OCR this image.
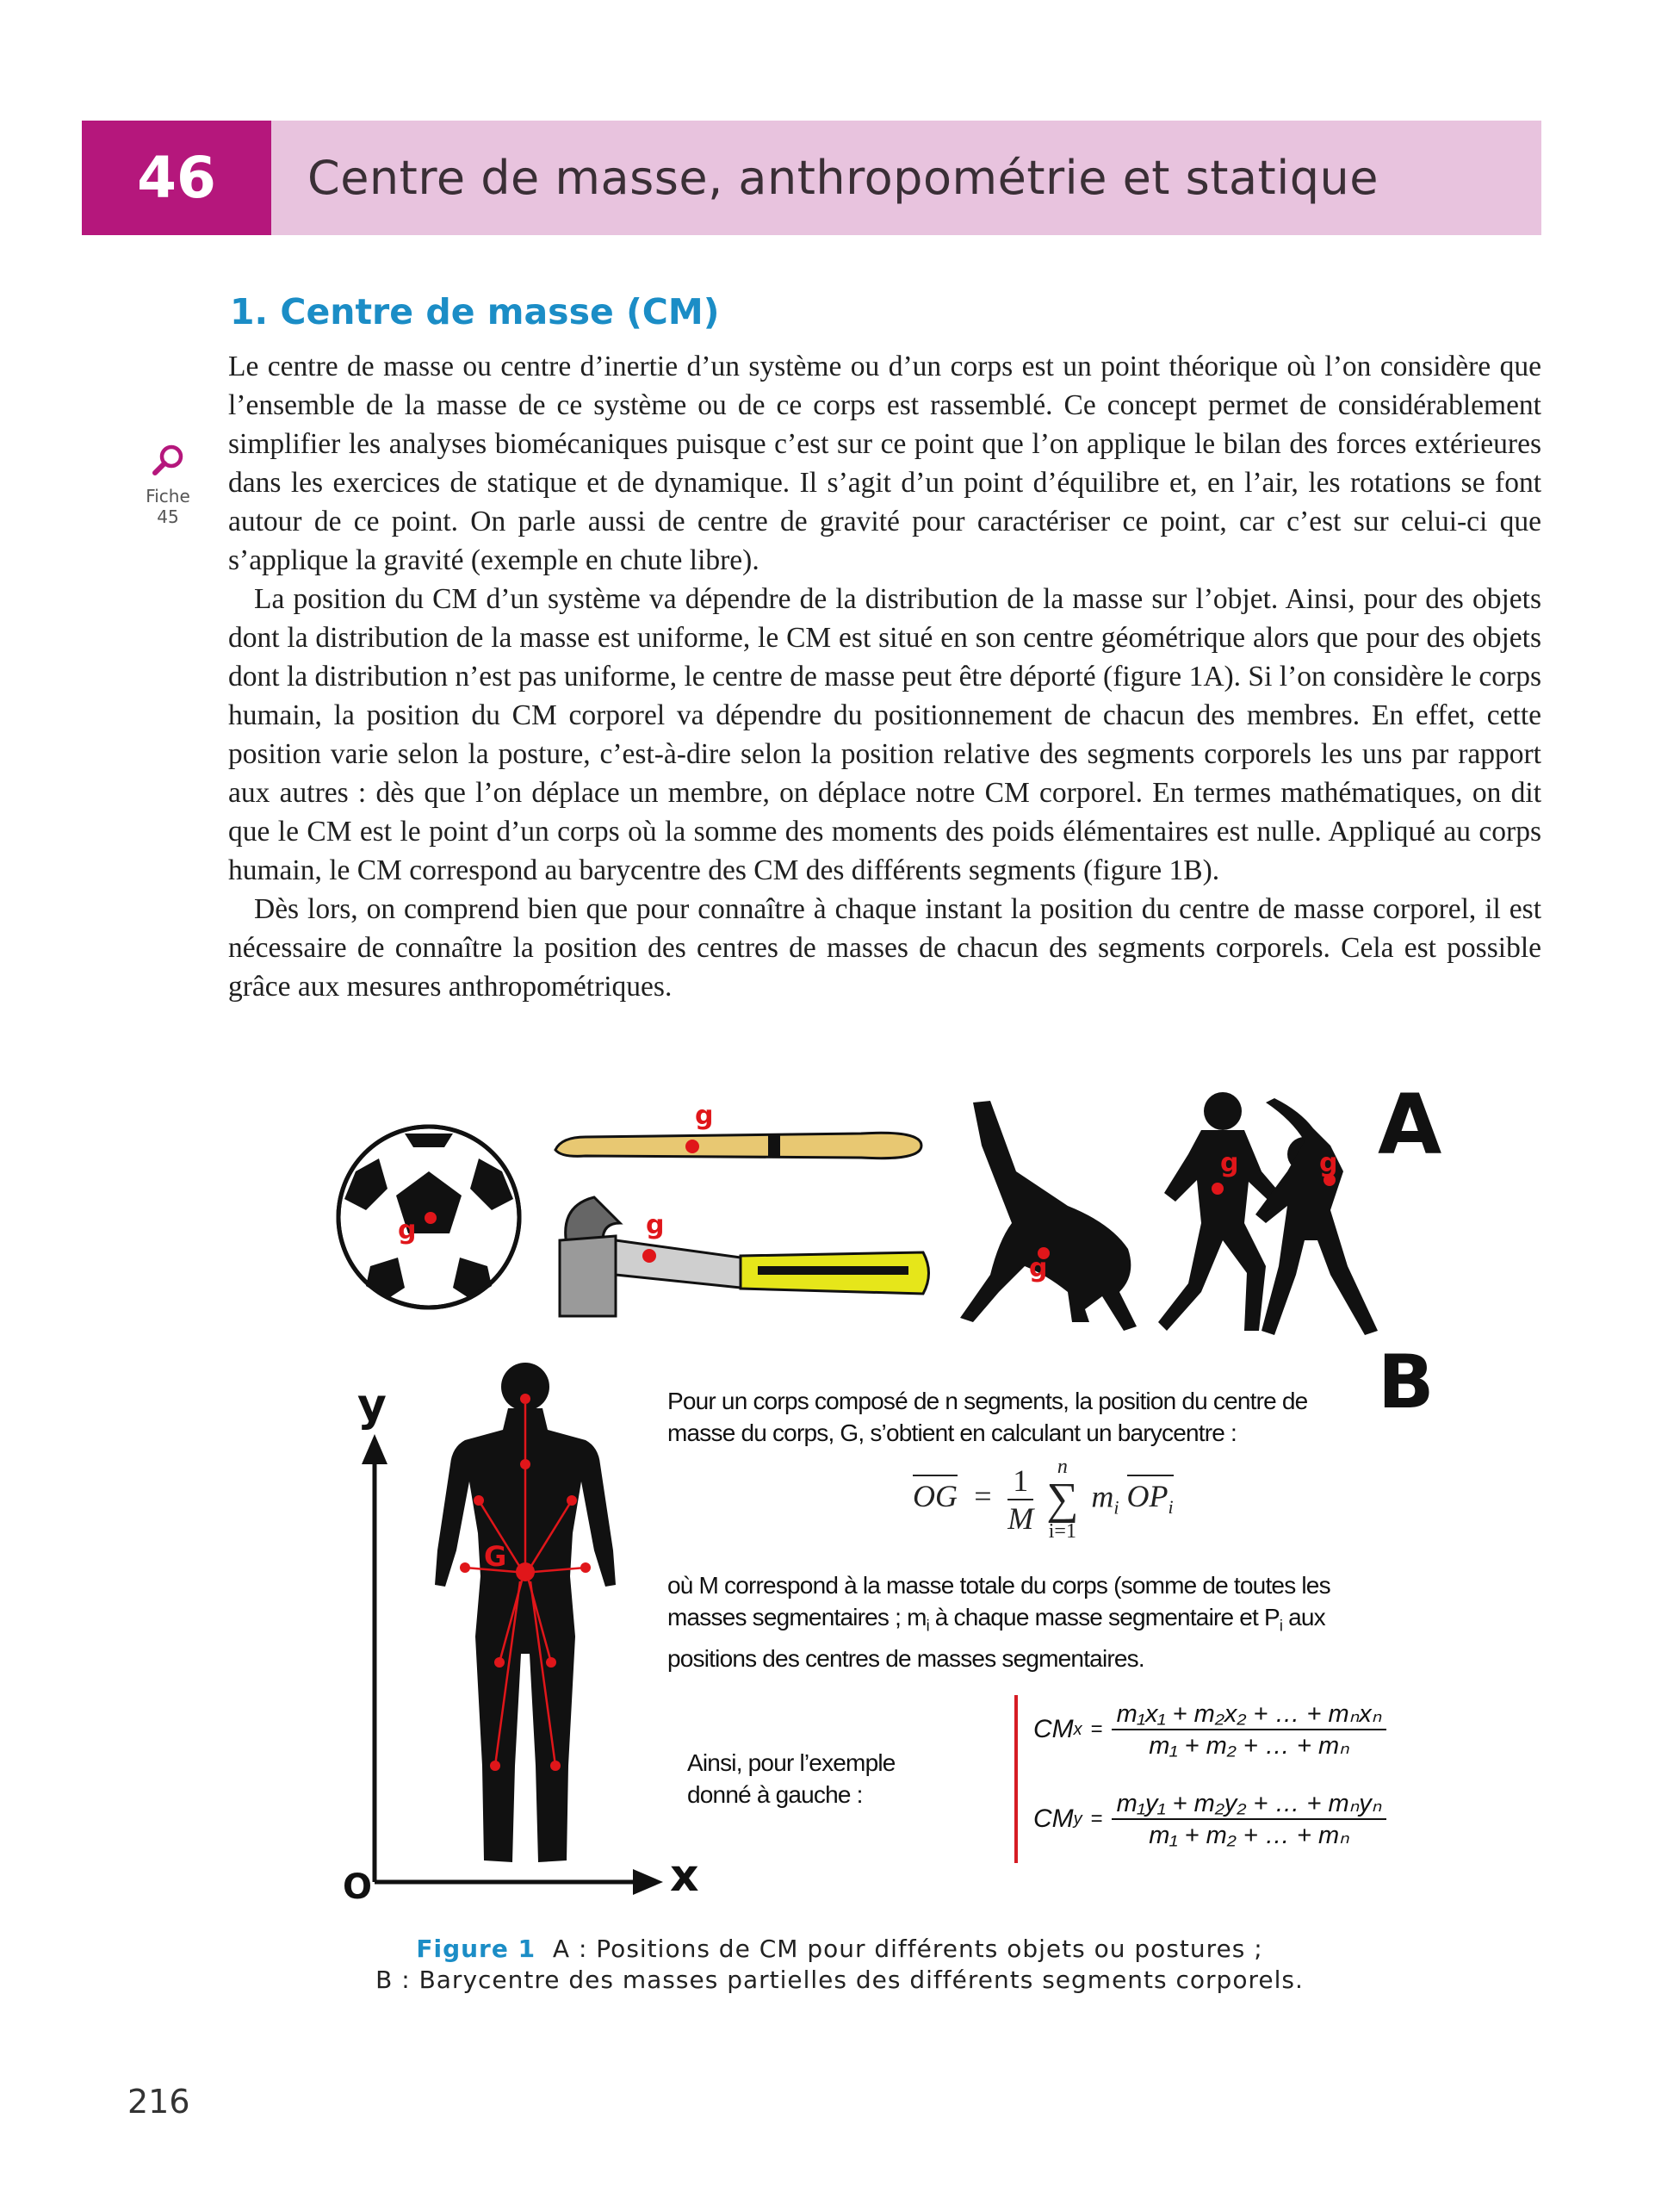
46	Centre de masse, anthropométrie et statique
1. Centre de masse (CM)
Fiche
45

Le centre de masse ou centre d’inertie d’un système ou d’un corps est un point théorique où l’on considère que l’ensemble de la masse de ce système ou de ce corps est rassemblé. Ce concept permet de considérablement simplifier les analyses biomécaniques puisque c’est sur ce point que l’on applique le bilan des forces extérieures dans les exercices de statique et de dynamique. Il s’agit d’un point d’équilibre et, en l’air, les rotations se font autour de ce point. On parle aussi de centre de gravité pour caractériser ce point, car c’est sur celui-ci que s’applique la gravité (exemple en chute libre).

La position du CM d’un système va dépendre de la distribution de la masse sur l’objet. Ainsi, pour des objets dont la distribution de la masse est uniforme, le CM est situé en son centre géométrique alors que pour des objets dont la distribution n’est pas uniforme, le centre de masse peut être déporté (figure 1A). Si l’on considère le corps humain, la position du CM corporel va dépendre du positionnement de chacun des membres. En effet, cette position varie selon la posture, c’est-à-dire selon la position relative des segments corporels les uns par rapport aux autres : dès que l’on déplace un membre, on déplace notre CM corporel. En termes mathématiques, on dit que le CM est le point d’un corps où la somme des moments des poids élémentaires est nulle. Appliqué au corps humain, le CM correspond au barycentre des CM des différents segments (figure 1B).

Dès lors, on comprend bien que pour connaître à chaque instant la position du centre de masse corporel, il est nécessaire de connaître la position des centres de masses de chacun des segments corporels. Cela est possible grâce aux mesures anthropométriques.

g
g
g
g
g	g A
B
G
y
x
O
Pour un corps composé de n segments, la position du centre de masse du corps, G, s’obtient en calculant un barycentre :
OG = $\frac{1}{M}$
n
∑
i=1
$m_i$ $OP_i$
où M correspond à la masse totale du corps (somme de toutes les masses segmentaires ; $m_i$ à chaque masse segmentaire et $P_i$ aux positions des centres de masses segmentaires.
Ainsi, pour l’exemple donné à gauche :
CM $x = \frac{\text{m₁x₁ + m₂x₂ + … + mₙxₙ}}{\text{m₁ + m₂ + … + mₙ}}$
CM $y = \frac{\text{m₁y₁ + m₂y₂ + … + mₙyₙ}}{\text{m₁ + m₂ + … + mₙ}}$
Figure 1 A : Positions de CM pour différents objets ou postures ;
B : Barycentre des masses partielles des différents segments corporels.
216
